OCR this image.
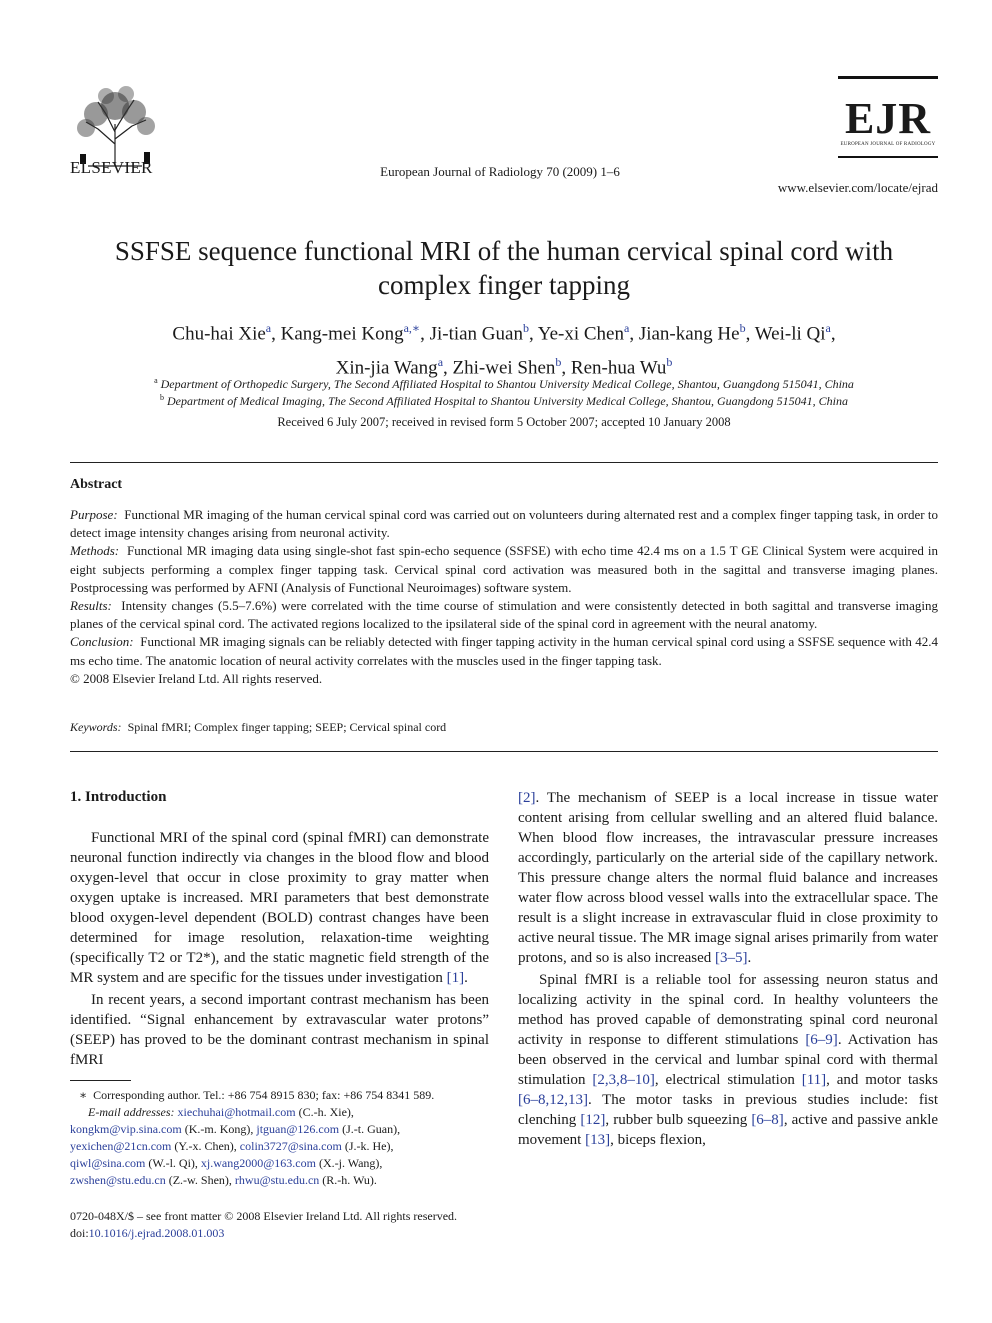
ELSEVIER	European Journal of Radiology 70 (2009) 1–6
EJR
EUROPEAN JOURNAL OF RADIOLOGY
www.elsevier.com/locate/ejrad
SSFSE sequence functional MRI of the human cervical spinal cord with complex finger tapping
Chu-hai Xie$^a$, Kang-mei Kong$^{a,∗}$, Ji-tian Guan$^b$, Ye-xi Chen$^a$, Jian-kang He$^b$, Wei-li Qi$^a$,
Xin-jia Wang$^a$, Zhi-wei Shen$^b$, Ren-hua Wu$^b$
$^a$ Department of Orthopedic Surgery, The Second Affiliated Hospital to Shantou University Medical College, Shantou, Guangdong 515041, China
$^b$ Department of Medical Imaging, The Second Affiliated Hospital to Shantou University Medical College, Shantou, Guangdong 515041, China
Received 6 July 2007; received in revised form 5 October 2007; accepted 10 January 2008
Abstract

Purpose: Functional MR imaging of the human cervical spinal cord was carried out on volunteers during alternated rest and a complex finger tapping task, in order to detect image intensity changes arising from neuronal activity.

Methods: Functional MR imaging data using single-shot fast spin-echo sequence (SSFSE) with echo time 42.4 ms on a 1.5 T GE Clinical System were acquired in eight subjects performing a complex finger tapping task. Cervical spinal cord activation was measured both in the sagittal and transverse imaging planes. Postprocessing was performed by AFNI (Analysis of Functional Neuroimages) software system.

Results: Intensity changes (5.5–7.6%) were correlated with the time course of stimulation and were consistently detected in both sagittal and transverse imaging planes of the cervical spinal cord. The activated regions localized to the ipsilateral side of the spinal cord in agreement with the neural anatomy.

Conclusion: Functional MR imaging signals can be reliably detected with finger tapping activity in the human cervical spinal cord using a SSFSE sequence with 42.4 ms echo time. The anatomic location of neural activity correlates with the muscles used in the finger tapping task.

© 2008 Elsevier Ireland Ltd. All rights reserved.

Keywords: Spinal fMRI; Complex finger tapping; SEEP; Cervical spinal cord
1. Introduction

Functional MRI of the spinal cord (spinal fMRI) can demonstrate neuronal function indirectly via changes in the blood flow and blood oxygen-level that occur in close proximity to gray matter when oxygen uptake is increased. MRI parameters that best demonstrate blood oxygen-level dependent (BOLD) contrast changes have been determined for image resolution, relaxation-time weighting (specifically T2 or T2*), and the static magnetic field strength of the MR system and are specific for the tissues under investigation [1].

In recent years, a second important contrast mechanism has been identified. “Signal enhancement by extravascular water protons” (SEEP) has proved to be the dominant contrast mechanism in spinal fMRI

[2]. The mechanism of SEEP is a local increase in tissue water content arising from cellular swelling and an altered fluid balance. When blood flow increases, the intravascular pressure increases accordingly, particularly on the arterial side of the capillary network. This pressure change alters the normal fluid balance and increases water flow across blood vessel walls into the extracellular space. The result is a slight increase in extravascular fluid in close proximity to active neural tissue. The MR image signal arises primarily from water protons, and so is also increased [3–5].

Spinal fMRI is a reliable tool for assessing neuron status and localizing activity in the spinal cord. In healthy volunteers the method has proved capable of demonstrating spinal cord neuronal activity in response to different stimulations [6–9]. Activation has been observed in the cervical and lumbar spinal cord with thermal stimulation [2,3,8–10], electrical stimulation [11], and motor tasks [6–8,12,13]. The motor tasks in previous studies include: fist clenching [12], rubber bulb squeezing [6–8], active and passive ankle movement [13], biceps flexion,

∗ Corresponding author. Tel.: +86 754 8915 830; fax: +86 754 8341 589.

E-mail addresses: xiechuhai@hotmail.com (C.-h. Xie),
kongkm@vip.sina.com (K.-m. Kong), jtguan@126.com (J.-t. Guan),
yexichen@21cn.com (Y.-x. Chen), colin3727@sina.com (J.-k. He),
qiwl@sina.com (W.-l. Qi), xj.wang2000@163.com (X.-j. Wang),
zwshen@stu.edu.cn (Z.-w. Shen), rhwu@stu.edu.cn (R.-h. Wu).

0720-048X/$ – see front matter © 2008 Elsevier Ireland Ltd. All rights reserved.

doi:10.1016/j.ejrad.2008.01.003
